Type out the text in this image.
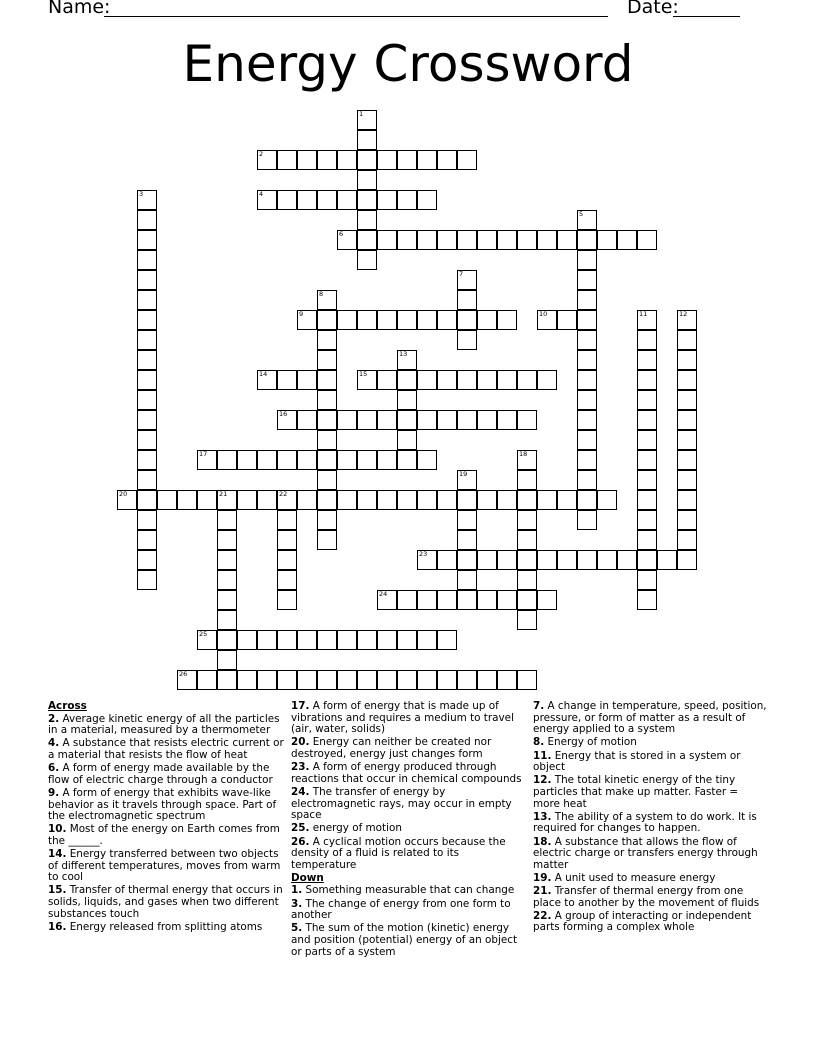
Name:	Date:
Energy Crossword
1
2
3	4
5
6
7
8
9	10	11	12
13
14	15
16
17	18
19
20	21	22
23
24
25
26
Across
2. Average kinetic energy of all the particles in a material, measured by a thermometer
4. A substance that resists electric current or a material that resists the flow of heat
6. A form of energy made available by the flow of electric charge through a conductor
9. A form of energy that exhibits wave-like behavior as it travels through space. Part of the electromagnetic spectrum
10. Most of the energy on Earth comes from the ______.
14. Energy transferred between two objects of different temperatures, moves from warm to cool
15. Transfer of thermal energy that occurs in solids, liquids, and gases when two different substances touch
16. Energy released from splitting atoms
17. A form of energy that is made up of vibrations and requires a medium to travel (air, water, solids)
20. Energy can neither be created nor destroyed, energy just changes form
23. A form of energy produced through reactions that occur in chemical compounds
24. The transfer of energy by electromagnetic rays, may occur in empty space
25. energy of motion
26. A cyclical motion occurs because the density of a fluid is related to its temperature
Down
1. Something measurable that can change
3. The change of energy from one form to another
5. The sum of the motion (kinetic) energy and position (potential) energy of an object or parts of a system
7. A change in temperature, speed, position, pressure, or form of matter as a result of energy applied to a system
8. Energy of motion
11. Energy that is stored in a system or object
12. The total kinetic energy of the tiny particles that make up matter. Faster = more heat
13. The ability of a system to do work. It is required for changes to happen.
18. A substance that allows the flow of electric charge or transfers energy through matter
19. A unit used to measure energy
21. Transfer of thermal energy from one place to another by the movement of fluids
22. A group of interacting or independent parts forming a complex whole
